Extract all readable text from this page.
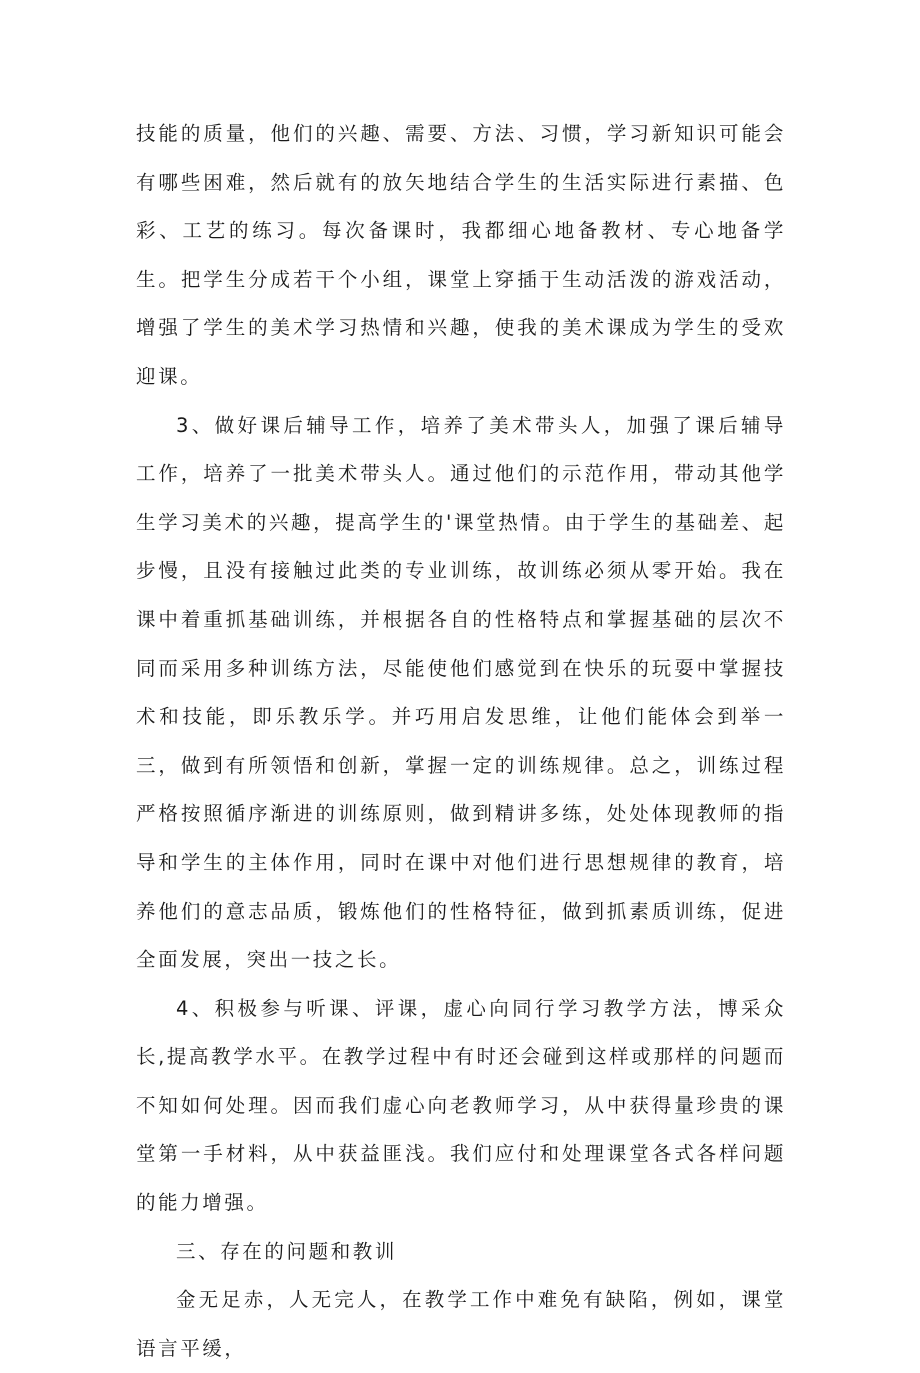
技能的质量，他们的兴趣、需要、方法、习惯，学习新知识可能会有哪些困难，然后就有的放矢地结合学生的生活实际进行素描、色彩、工艺的练习。每次备课时，我都细心地备教材、专心地备学生。把学生分成若干个小组，课堂上穿插于生动活泼的游戏活动，增强了学生的美术学习热情和兴趣，使我的美术课成为学生的受欢迎课。

3、做好课后辅导工作，培养了美术带头人，加强了课后辅导工作，培养了一批美术带头人。通过他们的示范作用，带动其他学生学习美术的兴趣，提高学生的'课堂热情。由于学生的基础差、起步慢，且没有接触过此类的专业训练，故训练必须从零开始。我在课中着重抓基础训练，并根据各自的性格特点和掌握基础的层次不同而采用多种训练方法，尽能使他们感觉到在快乐的玩耍中掌握技术和技能，即乐教乐学。并巧用启发思维，让他们能体会到举一三，做到有所领悟和创新，掌握一定的训练规律。总之，训练过程严格按照循序渐进的训练原则，做到精讲多练，处处体现教师的指导和学生的主体作用，同时在课中对他们进行思想规律的教育，培养他们的意志品质，锻炼他们的性格特征，做到抓素质训练，促进全面发展，突出一技之长。

4、积极参与听课、评课，虚心向同行学习教学方法，博采众长,提高教学水平。在教学过程中有时还会碰到这样或那样的问题而不知如何处理。因而我们虚心向老教师学习，从中获得量珍贵的课堂第一手材料，从中获益匪浅。我们应付和处理课堂各式各样问题的能力增强。

三、存在的问题和教训

金无足赤，人无完人，在教学工作中难免有缺陷，例如，课堂语言平缓，
